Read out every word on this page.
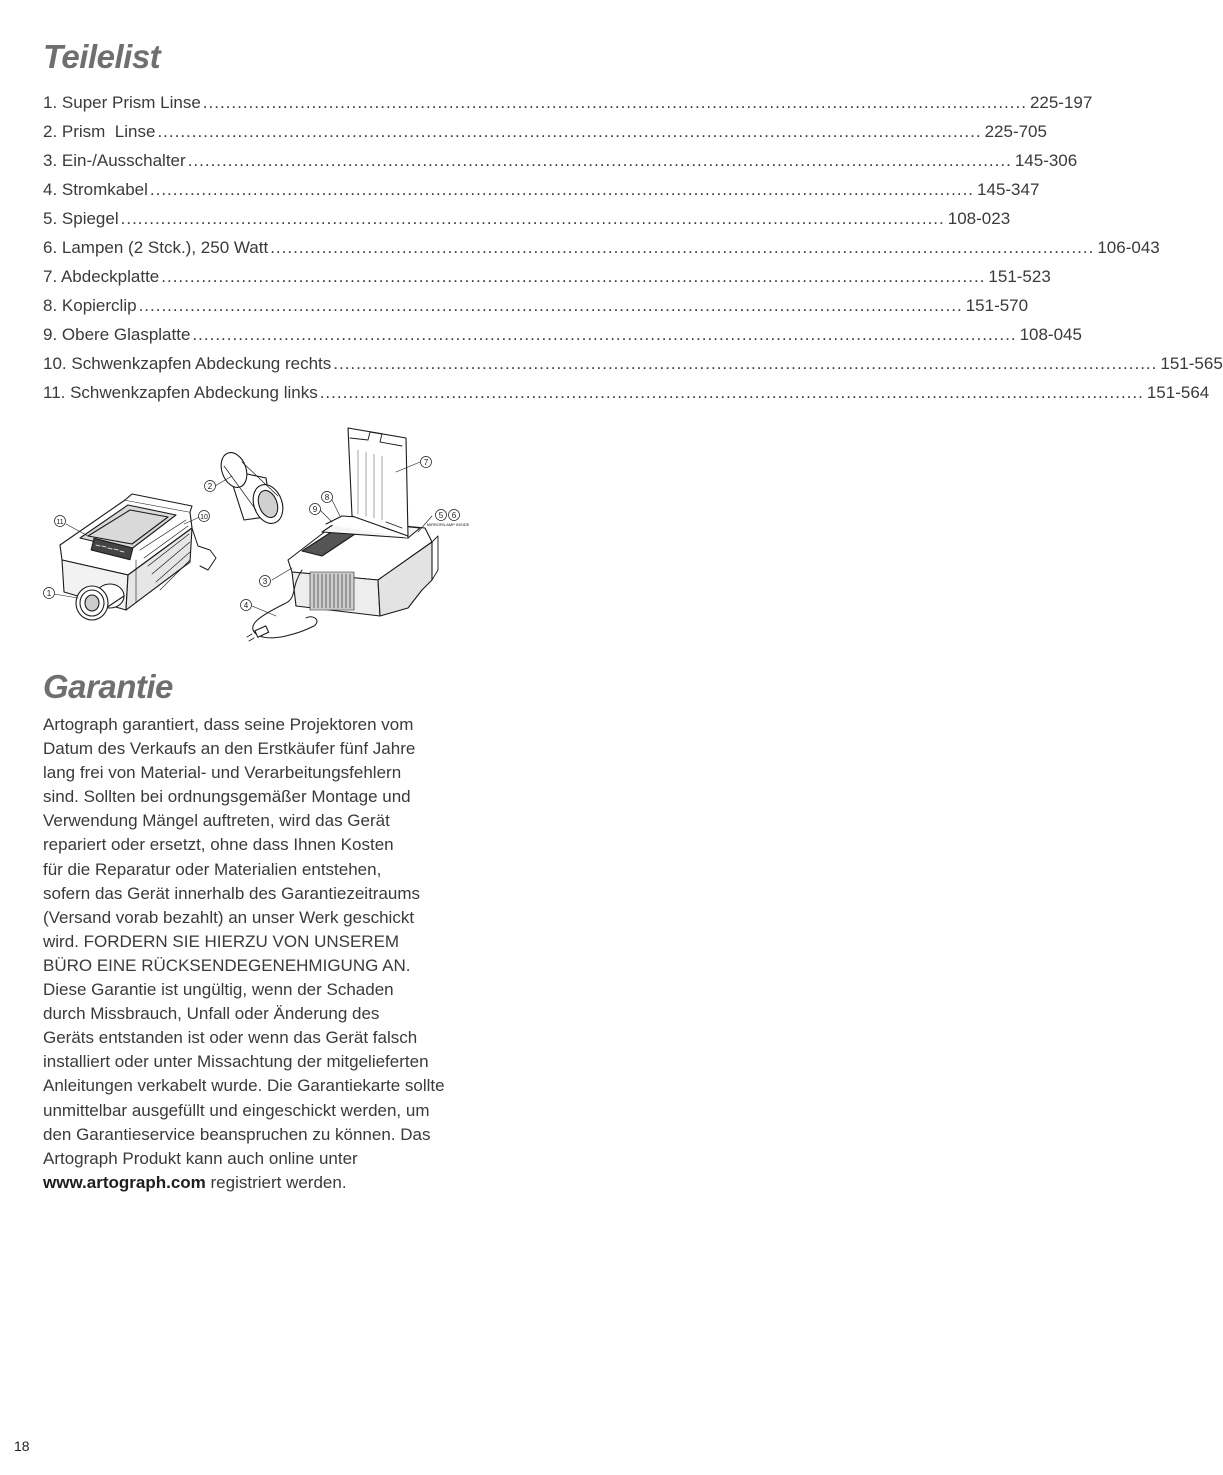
Teilelist
1. Super Prism Linse .....	225-197
2. Prism  Linse .....	225-705
3. Ein-/Ausschalter .....	145-306
4. Stromkabel .....	145-347
5. Spiegel .....	108-023
6. Lampen (2 Stck.), 250 Watt .....	106-043
7. Abdeckplatte .....	151-523
8. Kopierclip .....	151-570
9. Obere Glasplatte .....	108-045
10. Schwenkzapfen Abdeckung rechts .....	151-565
11. Schwenkzapfen Abdeckung links .....	151-564
11
1
10
2
3
4
7
8
9
5 6
MIRROR/LAMP INSIDE
Garantie

Artograph garantiert, dass seine Projektoren vom
Datum des Verkaufs an den Erstkäufer fünf Jahre
lang frei von Material- und Verarbeitungsfehlern
sind. Sollten bei ordnungsgemäßer Montage und
Verwendung Mängel auftreten, wird das Gerät
repariert oder ersetzt, ohne dass Ihnen Kosten
für die Reparatur oder Materialien entstehen,
sofern das Gerät innerhalb des Garantiezeitraums
(Versand vorab bezahlt) an unser Werk geschickt
wird. FORDERN SIE HIERZU VON UNSEREM
BÜRO EINE RÜCKSENDEGENEHMIGUNG AN.
Diese Garantie ist ungültig, wenn der Schaden
durch Missbrauch, Unfall oder Änderung des
Geräts entstanden ist oder wenn das Gerät falsch
installiert oder unter Missachtung der mitgelieferten
Anleitungen verkabelt wurde. Die Garantiekarte sollte
unmittelbar ausgefüllt und eingeschickt werden, um
den Garantieservice beanspruchen zu können. Das
Artograph Produkt kann auch online unter
www.artograph.com registriert werden.

18
